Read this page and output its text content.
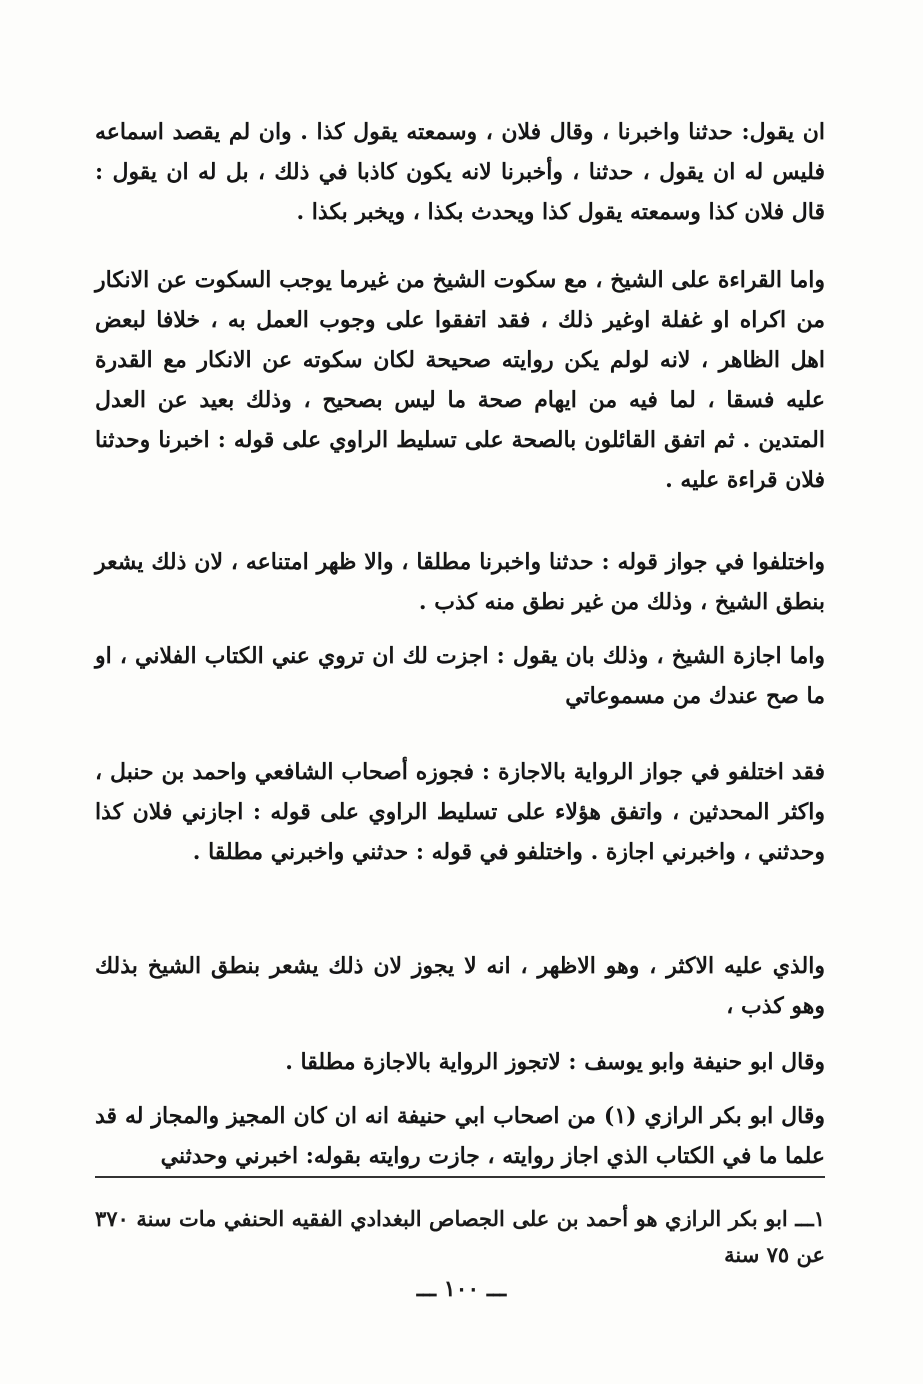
ان يقول: حدثنا واخبرنا ، وقال فلان ، وسمعته يقول كذا . وان لم يقصد اسماعه فليس له ان يقول ، حدثنا ، وأخبرنا لانه يكون كاذبا في ذلك ، بل له ان يقول : قال فلان كذا وسمعته يقول كذا ويحدث بكذا ، ويخبر بكذا .

واما القراءة على الشيخ ، مع سكوت الشيخ من غيرما يوجب السكوت عن الانكار من اكراه او غفلة اوغير ذلك ، فقد اتفقوا على وجوب العمل به ، خلافا لبعض اهل الظاهر ، لانه لولم يكن روايته صحيحة لكان سكوته عن الانكار مع القدرة عليه فسقا ، لما فيه من ايهام صحة ما ليس بصحيح ، وذلك بعيد عن العدل المتدين . ثم اتفق القائلون بالصحة على تسليط الراوي على قوله : اخبرنا وحدثنا فلان قراءة عليه .

واختلفوا في جواز قوله : حدثنا واخبرنا مطلقا ، والا ظهر امتناعه ، لان ذلك يشعر بنطق الشيخ ، وذلك من غير نطق منه كذب .

واما اجازة الشيخ ، وذلك بان يقول : اجزت لك ان تروي عني الكتاب الفلاني ، او ما صح عندك من مسموعاتي

فقد اختلفو في جواز الرواية بالاجازة : فجوزه أصحاب الشافعي واحمد بن حنبل ، واكثر المحدثين ، واتفق هؤلاء على تسليط الراوي على قوله : اجازني فلان كذا وحدثني ، واخبرني اجازة . واختلفو في قوله : حدثني واخبرني مطلقا .

والذي عليه الاكثر ، وهو الاظهر ، انه لا يجوز لان ذلك يشعر بنطق الشيخ بذلك وهو كذب ،

وقال ابو حنيفة وابو يوسف : لاتجوز الرواية بالاجازة مطلقا .

وقال ابو بكر الرازي (١) من اصحاب ابي حنيفة انه ان كان المجيز والمجاز له قد علما ما في الكتاب الذي اجاز روايته ، جازت روايته بقوله: اخبرني وحدثني

١ـــ ابو بكر الرازي هو أحمد بن على الجصاص البغدادي الفقيه الحنفي مات سنة ٣٧٠ عن ٧٥ سنة

ـــ ١٠٠ ـــ
